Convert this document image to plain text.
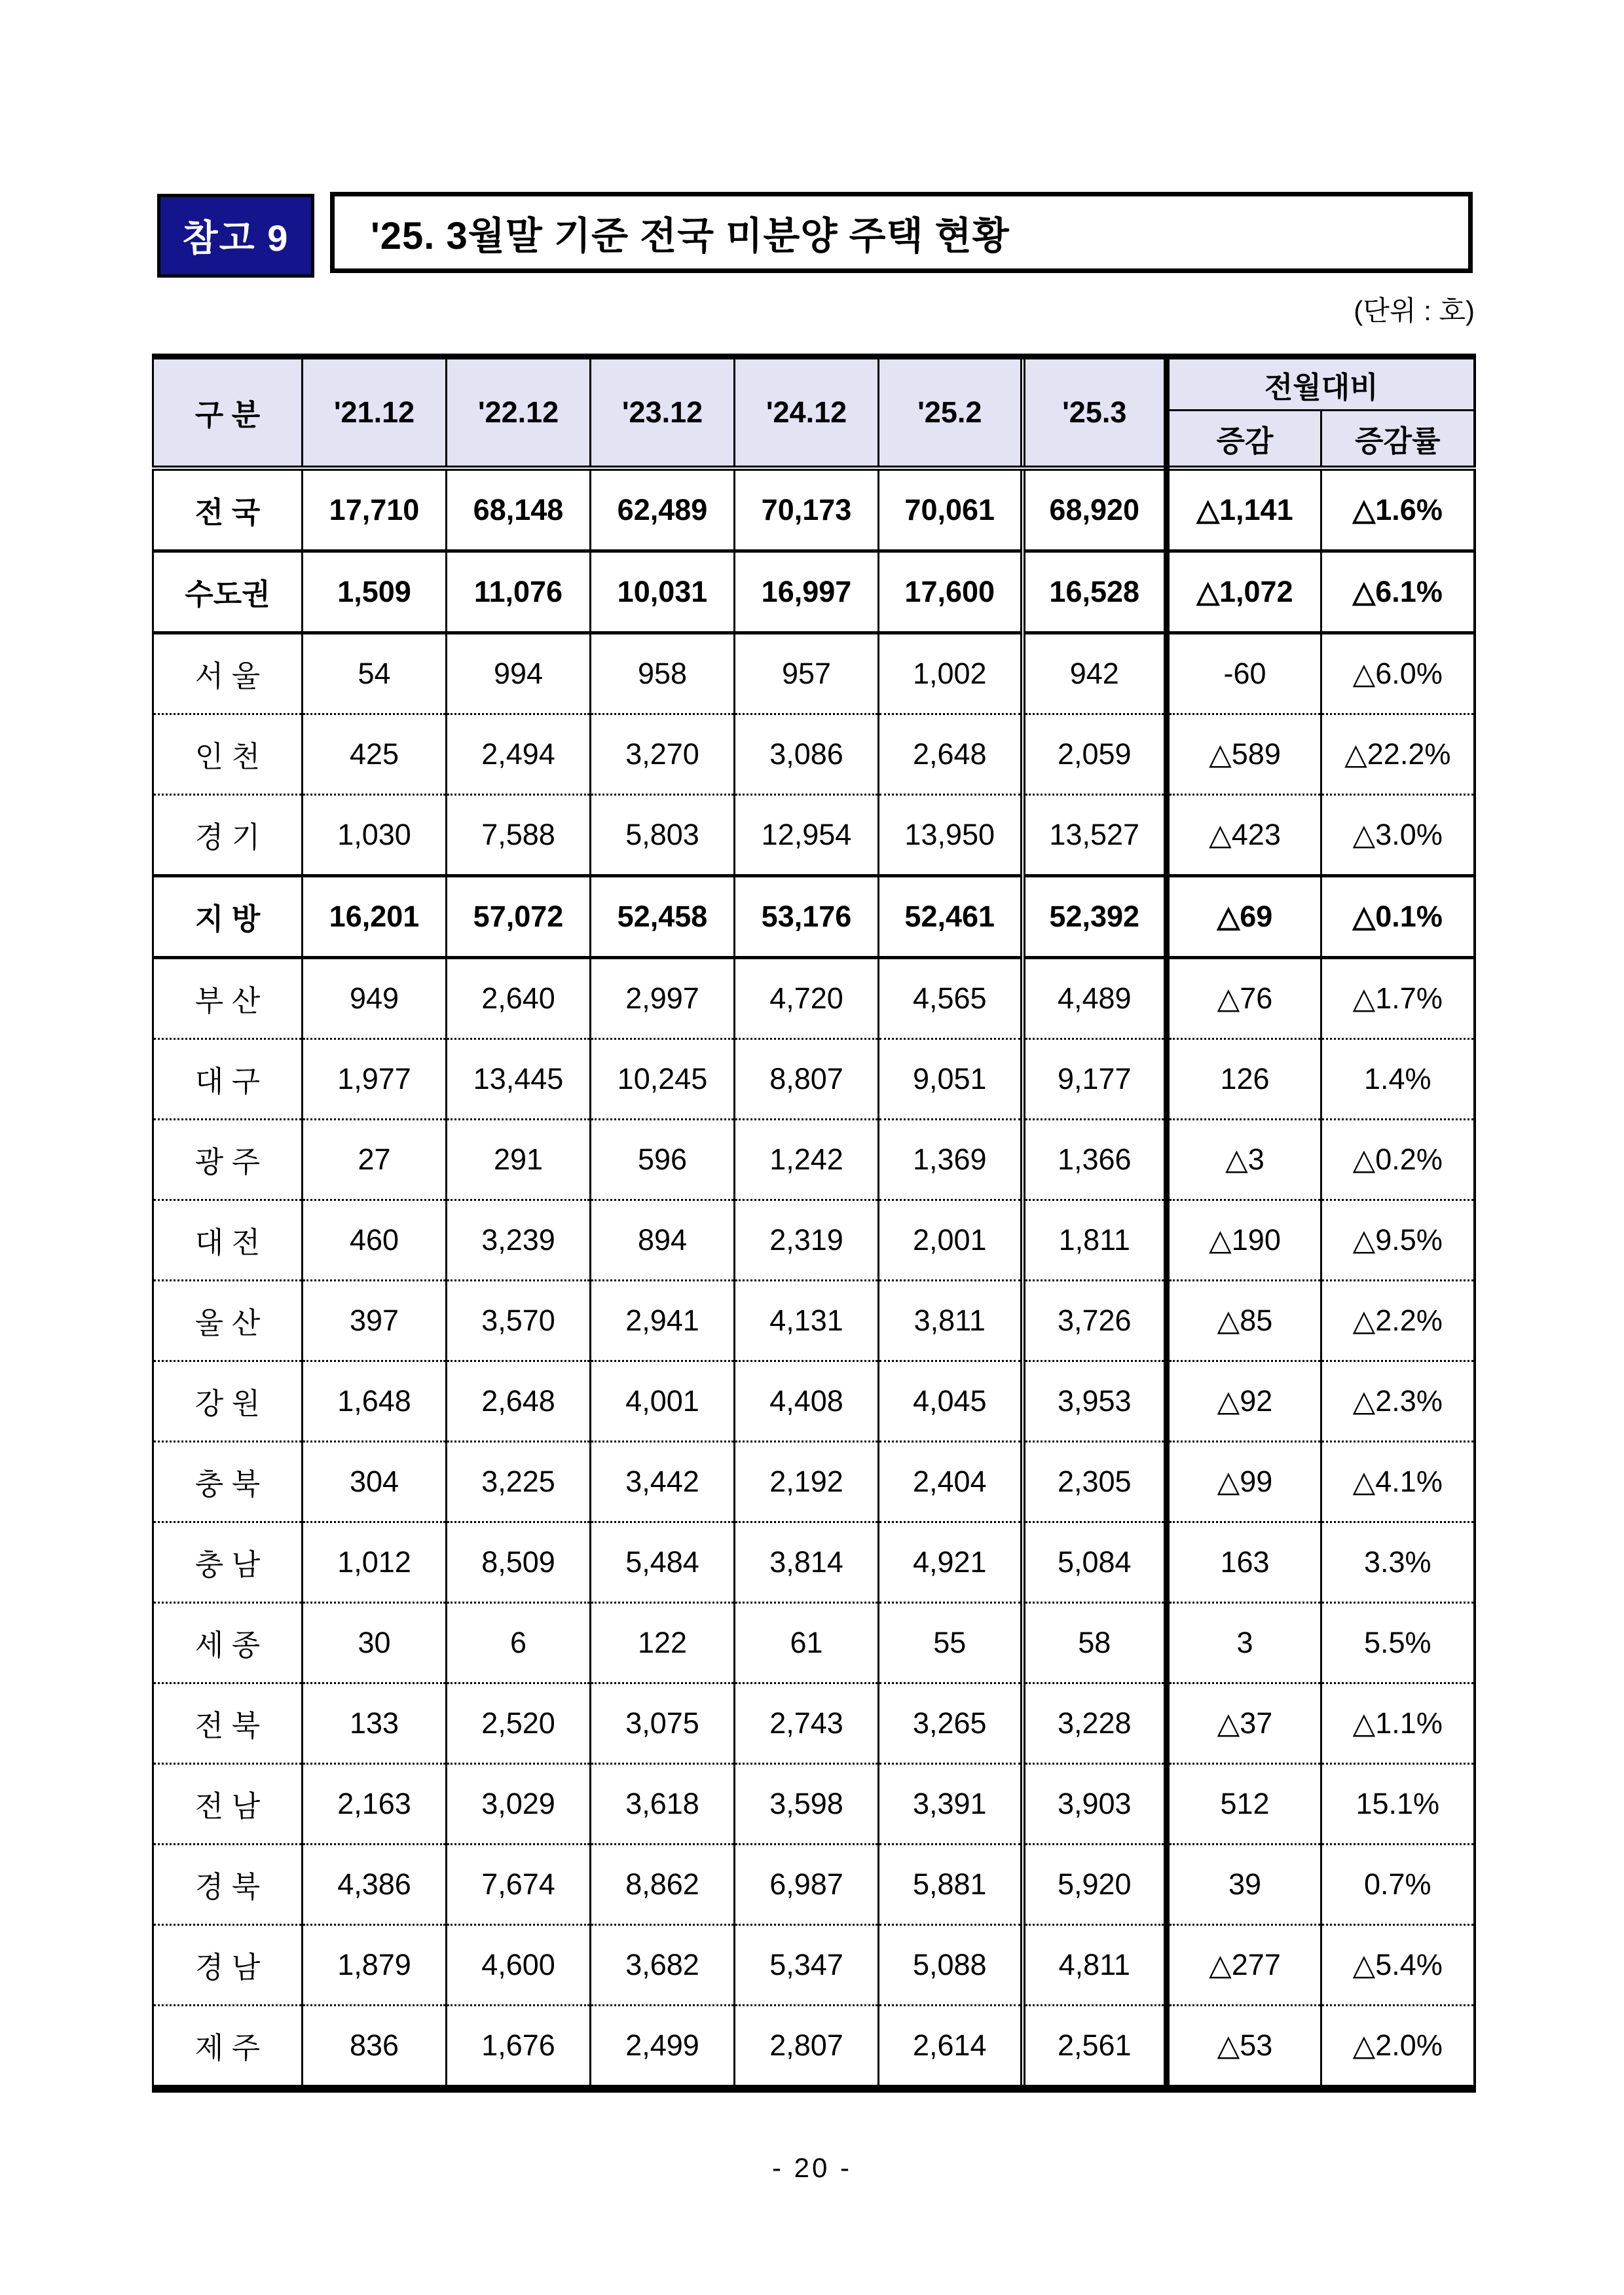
참고 9 '25. 3월말 기준 전국 미분양 주택 현황
(단위 : 호)
구 분	'21.12	'22.12	'23.12	'24.12	'25.2	'25.3	전월대비	
							증감	증감률
전 국	17,710	68,148	62,489	70,173	70,061	68,920	△1,141	△1.6%
수도권	1,509	11,076	10,031	16,997	17,600	16,528	△1,072	△6.1%
서 울	54	994	958	957	1,002	942	-60	△6.0%
인 천	425	2,494	3,270	3,086	2,648	2,059	△589	△22.2%
경 기	1,030	7,588	5,803	12,954	13,950	13,527	△423	△3.0%
지 방	16,201	57,072	52,458	53,176	52,461	52,392	△69	△0.1%
부 산	949	2,640	2,997	4,720	4,565	4,489	△76	△1.7%
대 구	1,977	13,445	10,245	8,807	9,051	9,177	126	1.4%
광 주	27	291	596	1,242	1,369	1,366	△3	△0.2%
대 전	460	3,239	894	2,319	2,001	1,811	△190	△9.5%
울 산	397	3,570	2,941	4,131	3,811	3,726	△85	△2.2%
강 원	1,648	2,648	4,001	4,408	4,045	3,953	△92	△2.3%
충 북	304	3,225	3,442	2,192	2,404	2,305	△99	△4.1%
충 남	1,012	8,509	5,484	3,814	4,921	5,084	163	3.3%
세 종	30	6	122	61	55	58	3	5.5%
전 북	133	2,520	3,075	2,743	3,265	3,228	△37	△1.1%
전 남	2,163	3,029	3,618	3,598	3,391	3,903	512	15.1%
경 북	4,386	7,674	8,862	6,987	5,881	5,920	39	0.7%
경 남	1,879	4,600	3,682	5,347	5,088	4,811	△277	△5.4%
제 주	836	1,676	2,499	2,807	2,614	2,561	△53	△2.0%
- 20 -
